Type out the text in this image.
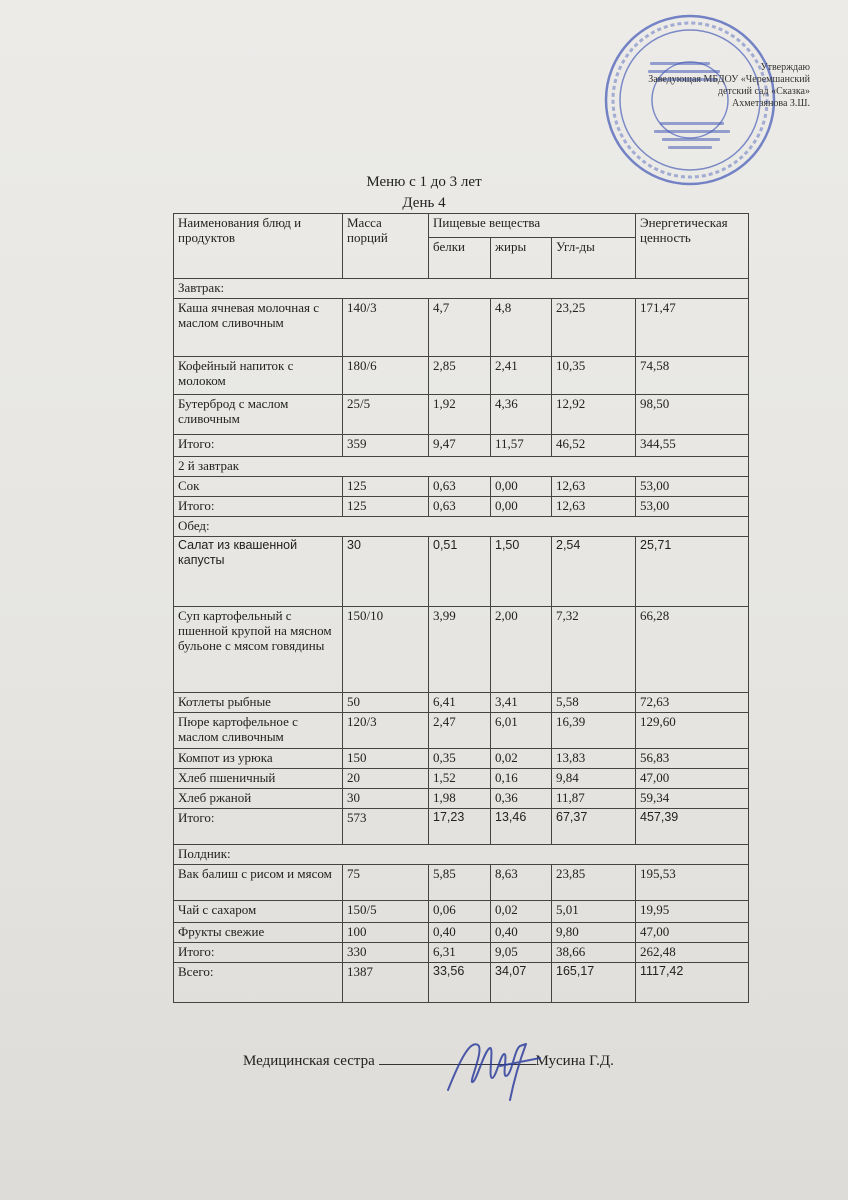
Утверждаю
Заведующая МБДОУ «Черемшанский
детский сад «Сказка»
Ахметзянова З.Ш.
Меню с 1 до 3 лет
День 4
Наименования блюд и продуктов	Масса порций	Пищевые вещества			Энергетическая ценность
		белки	жиры	Угл-ды	
Завтрак:					
Каша ячневая молочная с маслом сливочным	140/3	4,7	4,8	23,25	171,47
Кофейный напиток с молоком	180/6	2,85	2,41	10,35	74,58
Бутерброд с маслом сливочным	25/5	1,92	4,36	12,92	98,50
Итого:	359	9,47	11,57	46,52	344,55
2 й завтрак					
Сок	125	0,63	0,00	12,63	53,00
Итого:	125	0,63	0,00	12,63	53,00
Обед:					
Салат из квашенной капусты	30	0,51	1,50	2,54	25,71
Суп картофельный с пшенной крупой на мясном бульоне с мясом говядины	150/10	3,99	2,00	7,32	66,28
Котлеты рыбные	50	6,41	3,41	5,58	72,63
Пюре картофельное с маслом сливочным	120/3	2,47	6,01	16,39	129,60
Компот из урюка	150	0,35	0,02	13,83	56,83
Хлеб пшеничный	20	1,52	0,16	9,84	47,00
Хлеб ржаной	30	1,98	0,36	11,87	59,34
Итого:	573	17,23	13,46	67,37	457,39
Полдник:					
Вак балиш с рисом и мясом	75	5,85	8,63	23,85	195,53
Чай с сахаром	150/5	0,06	0,02	5,01	19,95
Фрукты свежие	100	0,40	0,40	9,80	47,00
Итого:	330	6,31	9,05	38,66	262,48
Всего:	1387	33,56	34,07	165,17	1117,42
Медицинская сестра	Мусина Г.Д.
